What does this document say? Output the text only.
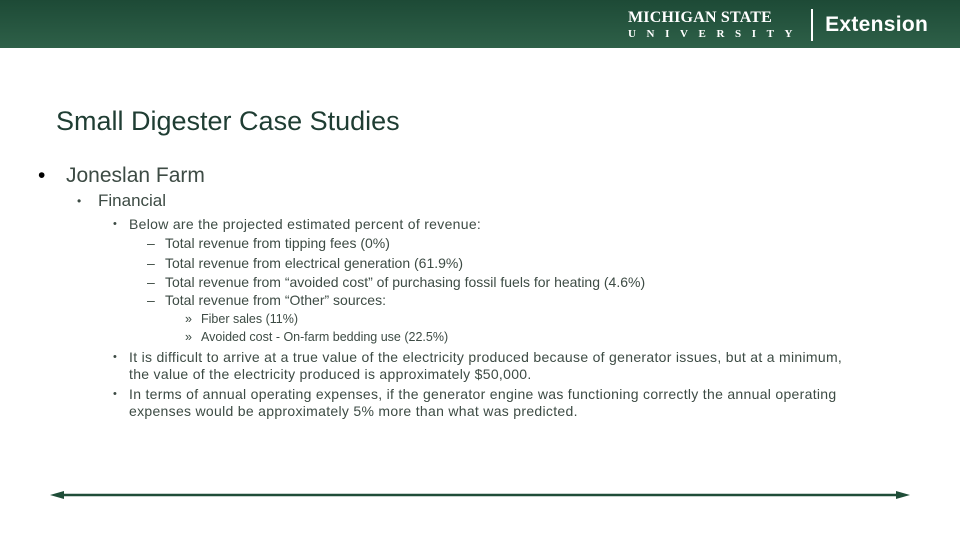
MICHIGAN STATE
UNIVERSITY Extension
Small Digester Case Studies
• Joneslan Farm
• Financial
• Below are the projected estimated percent of revenue:
– Total revenue from tipping fees (0%)
– Total revenue from electrical generation (61.9%)
– Total revenue from “avoided cost” of purchasing fossil fuels for heating (4.6%)
– Total revenue from “Other” sources:
» Fiber sales (11%)
» Avoided cost - On-farm bedding use (22.5%)
• It is difficult to arrive at a true value of the electricity produced because of generator issues, but at a minimum,
the value of the electricity produced is approximately $50,000.
• In terms of annual operating expenses, if the generator engine was functioning correctly the annual operating
expenses would be approximately 5% more than what was predicted.
